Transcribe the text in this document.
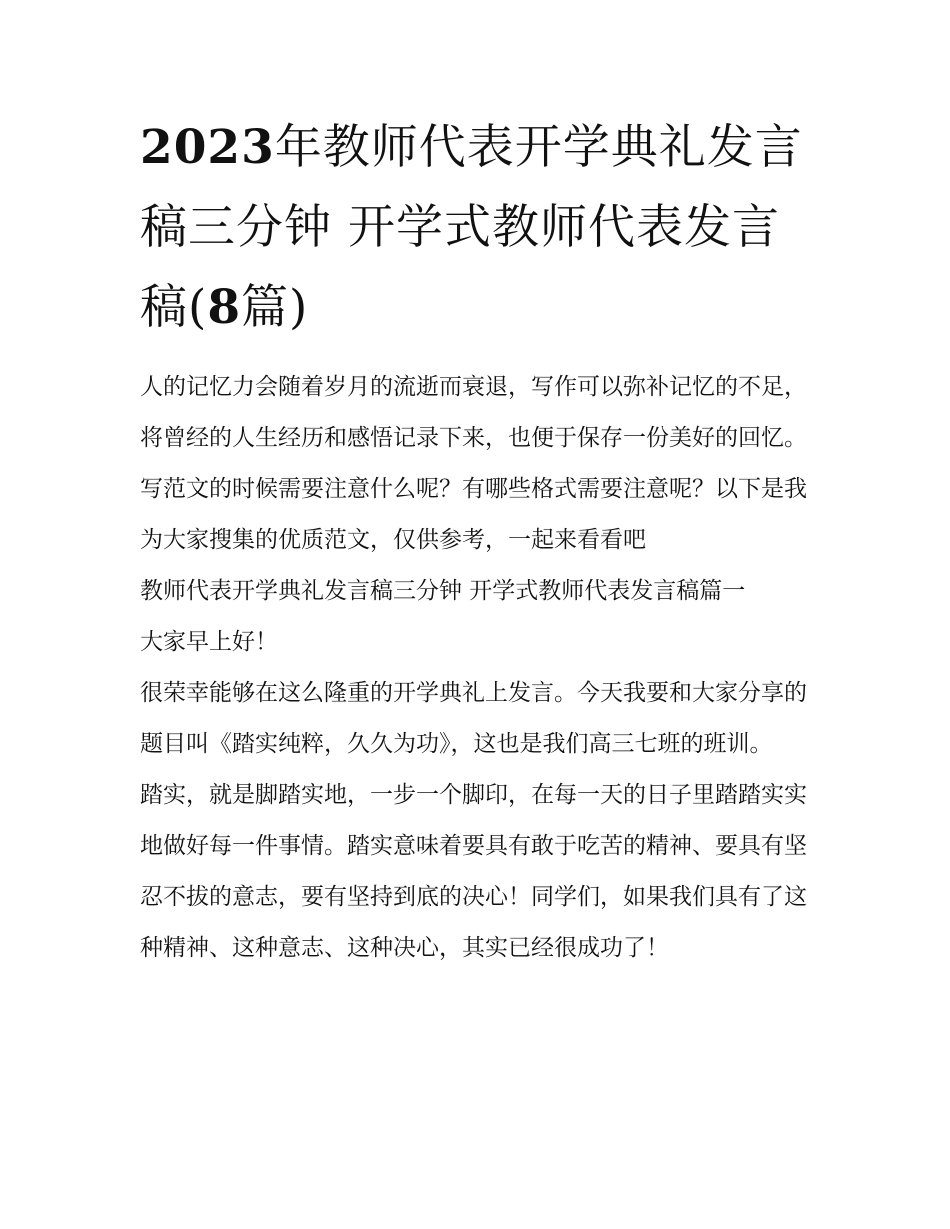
2023年教师代表开学典礼发言稿三分钟 开学式教师代表发言稿(8篇)

人的记忆力会随着岁月的流逝而衰退，写作可以弥补记忆的不足，将曾经的人生经历和感悟记录下来，也便于保存一份美好的回忆。写范文的时候需要注意什么呢？有哪些格式需要注意呢？以下是我为大家搜集的优质范文，仅供参考，一起来看看吧

教师代表开学典礼发言稿三分钟 开学式教师代表发言稿篇一

大家早上好！

很荣幸能够在这么隆重的开学典礼上发言。今天我要和大家分享的题目叫《踏实纯粹，久久为功》，这也是我们高三七班的班训。

踏实，就是脚踏实地，一步一个脚印，在每一天的日子里踏踏实实地做好每一件事情。踏实意味着要具有敢于吃苦的精神、要具有坚忍不拔的意志，要有坚持到底的决心！同学们，如果我们具有了这种精神、这种意志、这种决心，其实已经很成功了！
